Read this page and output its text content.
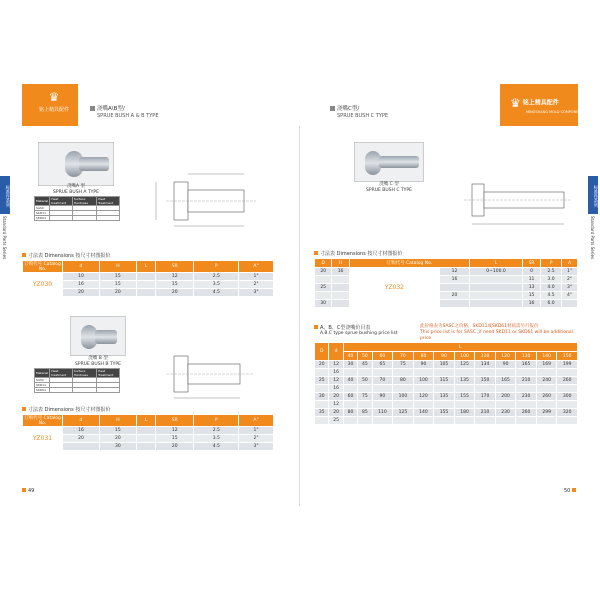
♛
铭上精具配件	浇嘴A\B型/
SPRUE BUSH A & B TYPE
标准件系列
Standard Parts Series
浇嘴A 型
SPRUE BUSH A TYPE
Material	Heat treatment	Surface Hardness	Heat Treatment
SASC			
SKD11			
SKD61			
寸法表 Dimensions 按尺寸材图报价
订购代号 Catalog No.	d	H	L	SR	P	A°
YZ030	10	15		12	2.5	1°
	16	15		15	3.5	2°
	20	20		20	4.5	3°
浇嘴 B 型
SPRUE BUSH B TYPE
Material	Heat treatment	Surface Hardness	Heat Treatment
SASC			
SKD11			
SKD61			
寸法表 Dimensions 按尺寸材图报价
订购代号 Catalog No.	d	H	L	SR	P	A°
YZ031	16	15		12	2.5	1°
	20	20		15	3.5	2°
		30		20	4.5	3°
49
♛ 铭上精具配件
MINGSHANG MOLD COMPONENTS
浇嘴C型/
SPRUE BUSH C TYPE
标准件系列
Standard Parts Series
浇嘴 C 型
SPRUE BUSH C TYPE
寸法表 Dimensions 按尺寸材图报价
D	H	订购代号 Catalog No.		L	SR	P	A
20	16	YZ032	12	0~100.0	0	2.5	1°
			16		11	3.0	2°
25					13	4.0	3°
			20		15	4.5	4°
30					16	6.0	
A、B、C型浇嘴价目表
A.B.C type sprue bushing price list
此价格表为SASC之价格，SKD11或SKD61材质需另行报价
This price list is for SASC ,if need SKD11 or SKD61 will be additional price
D	d	L											
		40	50	60	70	80	90	100	110	120	130	140	150
20	12	30	45	65	75	90	105	125	134	90	165	169	199
	16												
25	12	40	50	70	80	100	115	135	150	165	210	240	260
	16												
30	20	60	75	90	100	120	135	155	170	200	230	260	300
	12												
35	20	80	85	110	125	140	155	180	210	230	260	299	320
	25												
50
